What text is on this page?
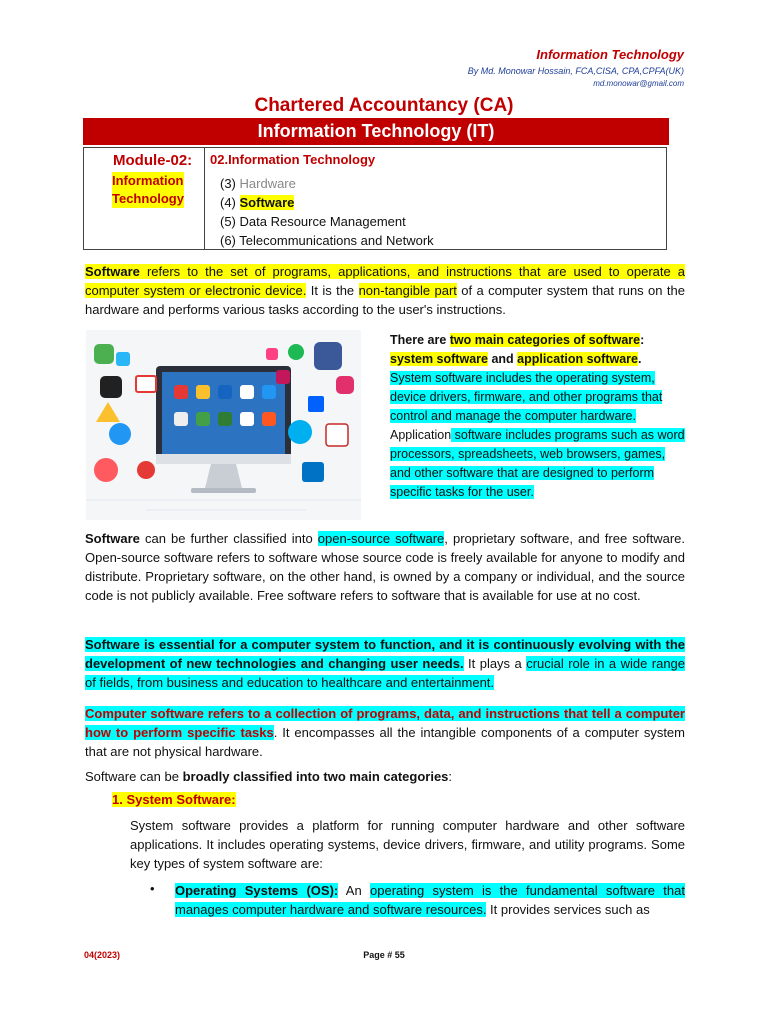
Information Technology
By Md. Monowar Hossain, FCA,CISA, CPA,CPFA(UK)
md.monowar@gmail.com
Chartered Accountancy (CA)
Information Technology (IT)
Module-02:
Information
Technology
02.Information Technology
(3) Hardware
(4) Software
(5) Data Resource Management
(6) Telecommunications and Network
Software refers to the set of programs, applications, and instructions that are used to operate a computer system or electronic device. It is the non-tangible part of a computer system that runs on the hardware and performs various tasks according to the user's instructions.
There are two main categories of software:
system software and application software.
System software includes the operating system, device drivers, firmware, and other programs that control and manage the computer hardware. Application software includes programs such as word processors, spreadsheets, web browsers, games, and other software that are designed to perform specific tasks for the user.
Software can be further classified into open-source software, proprietary software, and free software. Open-source software refers to software whose source code is freely available for anyone to modify and distribute. Proprietary software, on the other hand, is owned by a company or individual, and the source code is not publicly available. Free software refers to software that is available for use at no cost.
Software is essential for a computer system to function, and it is continuously evolving with the development of new technologies and changing user needs. It plays a crucial role in a wide range of fields, from business and education to healthcare and entertainment.
Computer software refers to a collection of programs, data, and instructions that tell a computer how to perform specific tasks. It encompasses all the intangible components of a computer system that are not physical hardware.
Software can be broadly classified into two main categories:
1. System Software:
System software provides a platform for running computer hardware and other software applications. It includes operating systems, device drivers, firmware, and utility programs. Some key types of system software are:
• Operating Systems (OS): An operating system is the fundamental software that manages computer hardware and software resources. It provides services such as
04(2023)	Page # 55
